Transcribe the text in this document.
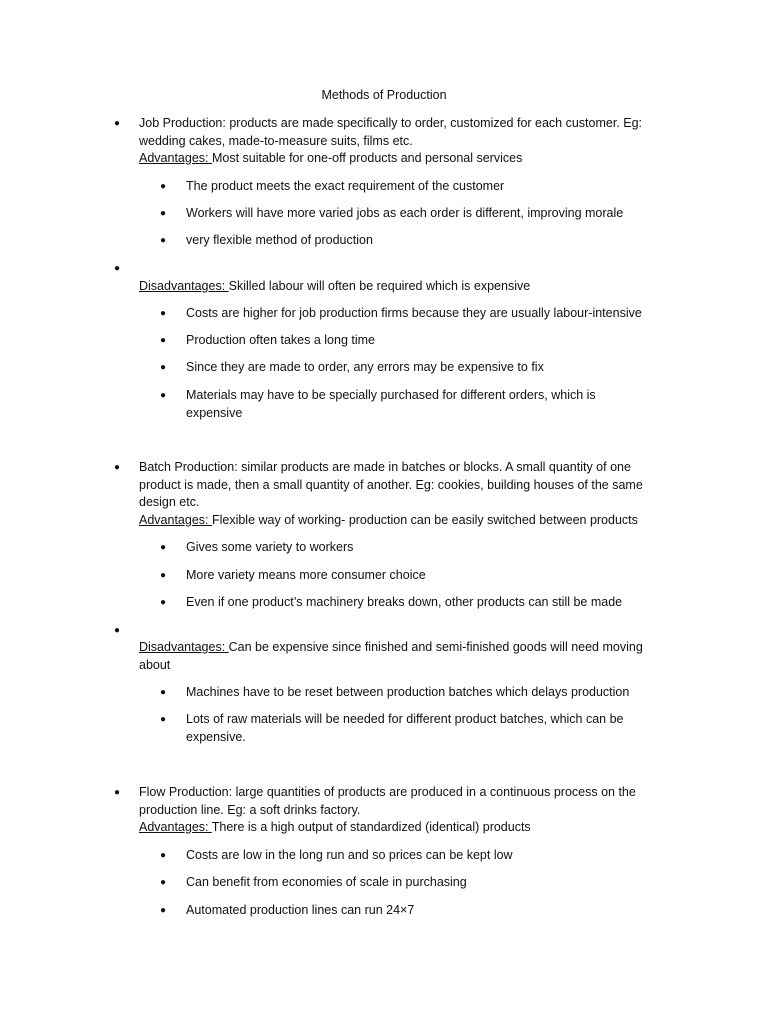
Methods of Production
●	Job Production: products are made specifically to order, customized for each customer. Eg: wedding cakes, made-to-measure suits, films etc.
Advantages: Most suitable for one-off products and personal services
●	The product meets the exact requirement of the customer
●	Workers will have more varied jobs as each order is different, improving morale
●	very flexible method of production
●
Disadvantages: Skilled labour will often be required which is expensive
●	Costs are higher for job production firms because they are usually labour-intensive
●	Production often takes a long time
●	Since they are made to order, any errors may be expensive to fix
●	Materials may have to be specially purchased for different orders, which is expensive
●	Batch Production: similar products are made in batches or blocks. A small quantity of one product is made, then a small quantity of another. Eg: cookies, building houses of the same design etc.
Advantages: Flexible way of working- production can be easily switched between products
●	Gives some variety to workers
●	More variety means more consumer choice
●	Even if one product’s machinery breaks down, other products can still be made
●
Disadvantages: Can be expensive since finished and semi-finished goods will need moving about
●	Machines have to be reset between production batches which delays production
●	Lots of raw materials will be needed for different product batches, which can be expensive.
●	Flow Production: large quantities of products are produced in a continuous process on the production line. Eg: a soft drinks factory.
Advantages: There is a high output of standardized (identical) products
●	Costs are low in the long run and so prices can be kept low
●	Can benefit from economies of scale in purchasing
●	Automated production lines can run 24×7
